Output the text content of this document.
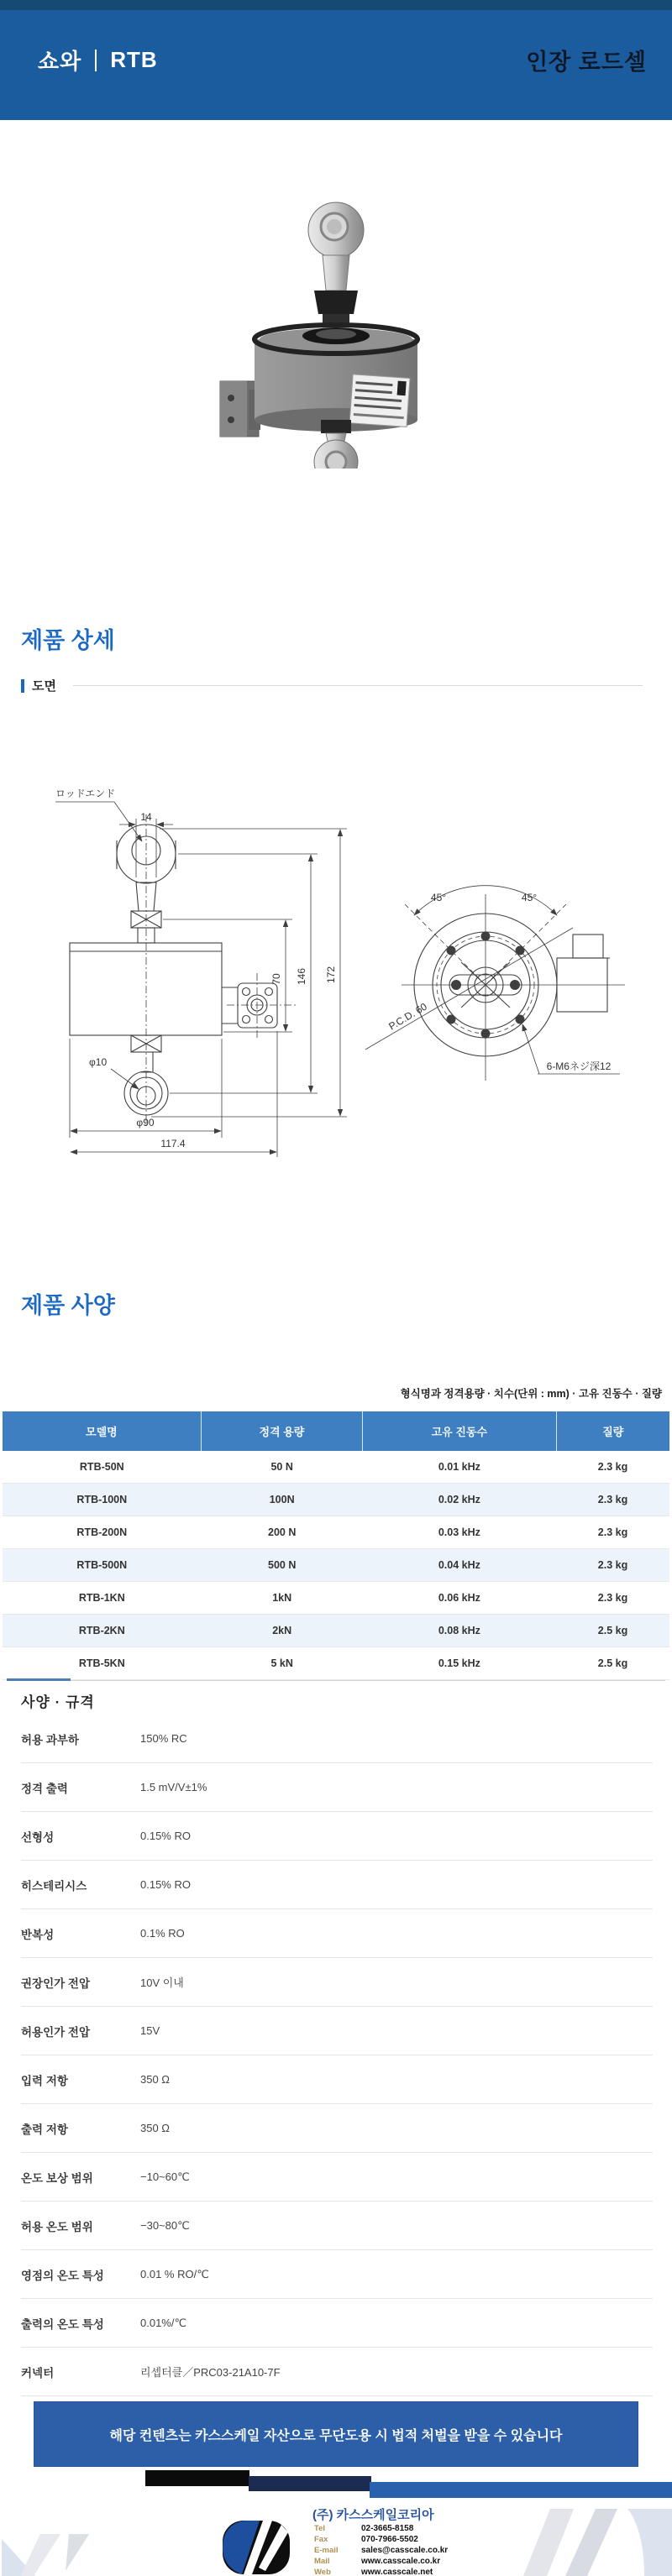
쇼와 RTB	인장 로드셀
제품 상세
도면
ロッドエンド
14
70 146 172
φ10
φ90
117.4
45°	45°
P.C.D. 60
6-M6ネジ深12
제품 사양
형식명과 정격용량 · 치수(단위 : mm) · 고유 진동수 · 질량
모델명	정격 용량	고유 진동수	질량
RTB-50N	50 N	0.01 kHz	2.3 kg
RTB-100N	100N	0.02 kHz	2.3 kg
RTB-200N	200 N	0.03 kHz	2.3 kg
RTB-500N	500 N	0.04 kHz	2.3 kg
RTB-1KN	1kN	0.06 kHz	2.3 kg
RTB-2KN	2kN	0.08 kHz	2.5 kg
RTB-5KN	5 kN	0.15 kHz	2.5 kg
사양 · 규격
허용 과부하	150% RC
정격 출력	1.5 mV/V±1%
선형성	0.15% RO
히스테리시스	0.15% RO
반복성	0.1% RO
권장인가 전압	10V 이내
허용인가 전압	15V
입력 저항	350 Ω
출력 저항	350 Ω
온도 보상 범위	−10~60℃
허용 온도 범위	−30~80℃
영점의 온도 특성	0.01 % RO/℃
출력의 온도 특성	0.01%/℃
커넥터	리셉터클／PRC03-21A10-7F
해당 컨텐츠는 카스스케일 자산으로 무단도용 시 법적 처벌을 받을 수 있습니다
(주) 카스스케일코리아
Tel	02-3665-8158
Fax	070-7966-5502
E-mail	sales@casscale.co.kr
Mail	www.casscale.co.kr
Web	www.casscale.net
